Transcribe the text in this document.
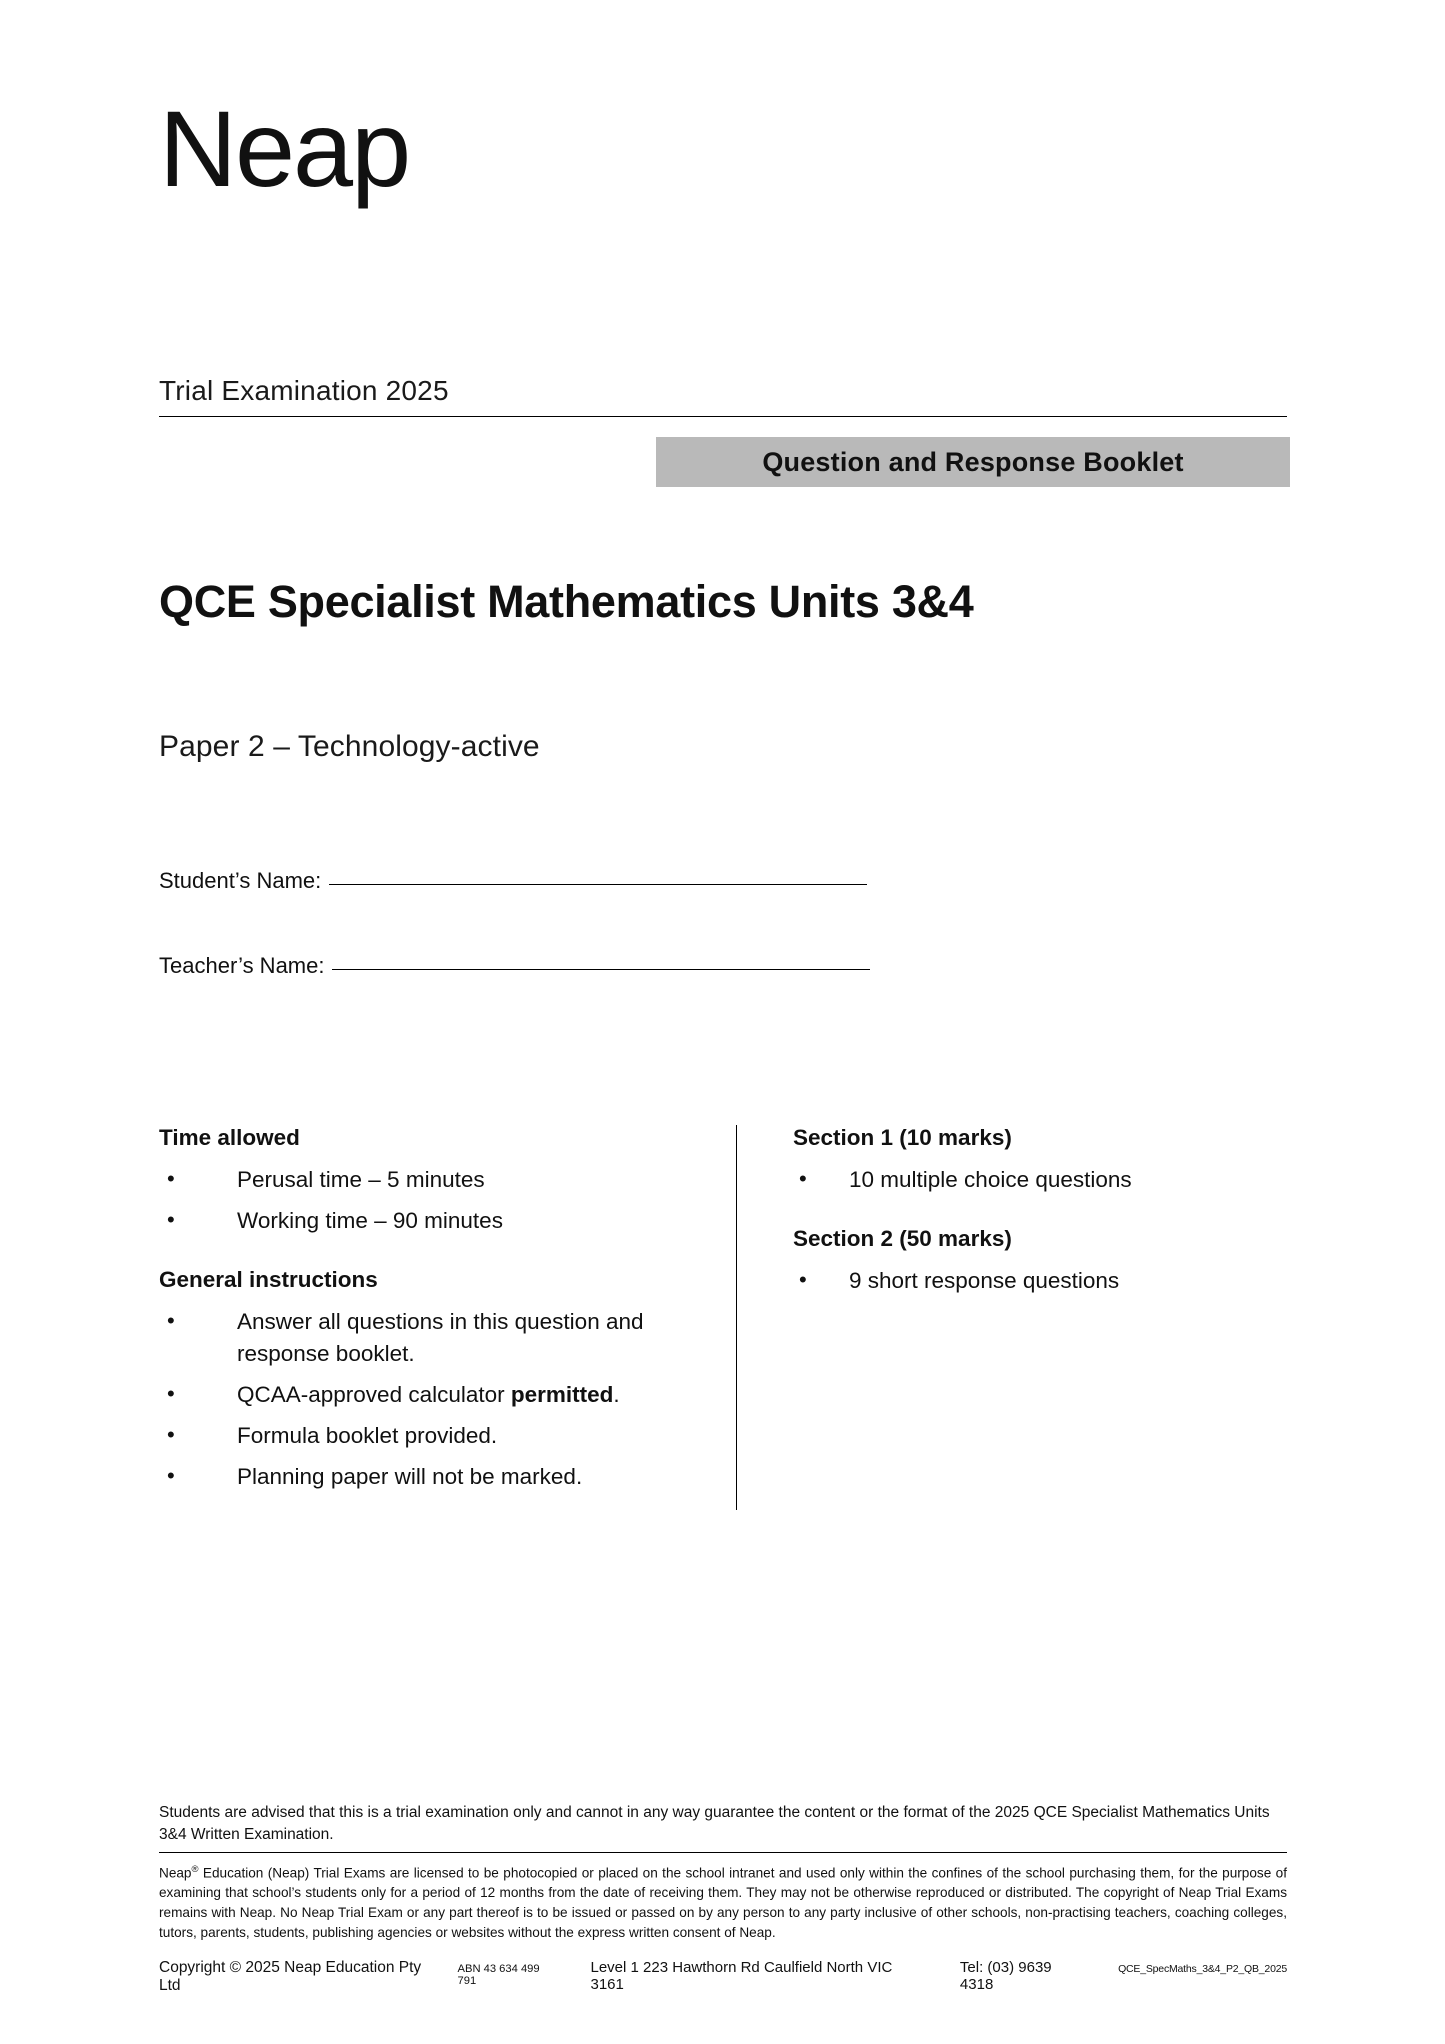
Neap
Trial Examination 2025
Question and Response Booklet
QCE Specialist Mathematics Units 3&4
Paper 2 – Technology-active
Student’s Name:
Teacher’s Name:
Time allowed
• Perusal time – 5 minutes
• Working time – 90 minutes
General instructions
• Answer all questions in this question and response booklet.
• QCAA-approved calculator permitted.
• Formula booklet provided.
• Planning paper will not be marked.
Section 1 (10 marks)
• 10 multiple choice questions
Section 2 (50 marks)
• 9 short response questions
Students are advised that this is a trial examination only and cannot in any way guarantee the content or the format of the 2025 QCE Specialist Mathematics Units 3&4 Written Examination.
Neap® Education (Neap) Trial Exams are licensed to be photocopied or placed on the school intranet and used only within the confines of the school purchasing them, for the purpose of examining that school’s students only for a period of 12 months from the date of receiving them. They may not be otherwise reproduced or distributed. The copyright of Neap Trial Exams remains with Neap. No Neap Trial Exam or any part thereof is to be issued or passed on by any person to any party inclusive of other schools, non-practising teachers, coaching colleges, tutors, parents, students, publishing agencies or websites without the express written consent of Neap.
Copyright © 2025 Neap Education Pty Ltd
ABN 43 634 499 791
Level 1 223 Hawthorn Rd Caulfield North VIC 3161
Tel: (03) 9639 4318
QCE_SpecMaths_3&4_P2_QB_2025
